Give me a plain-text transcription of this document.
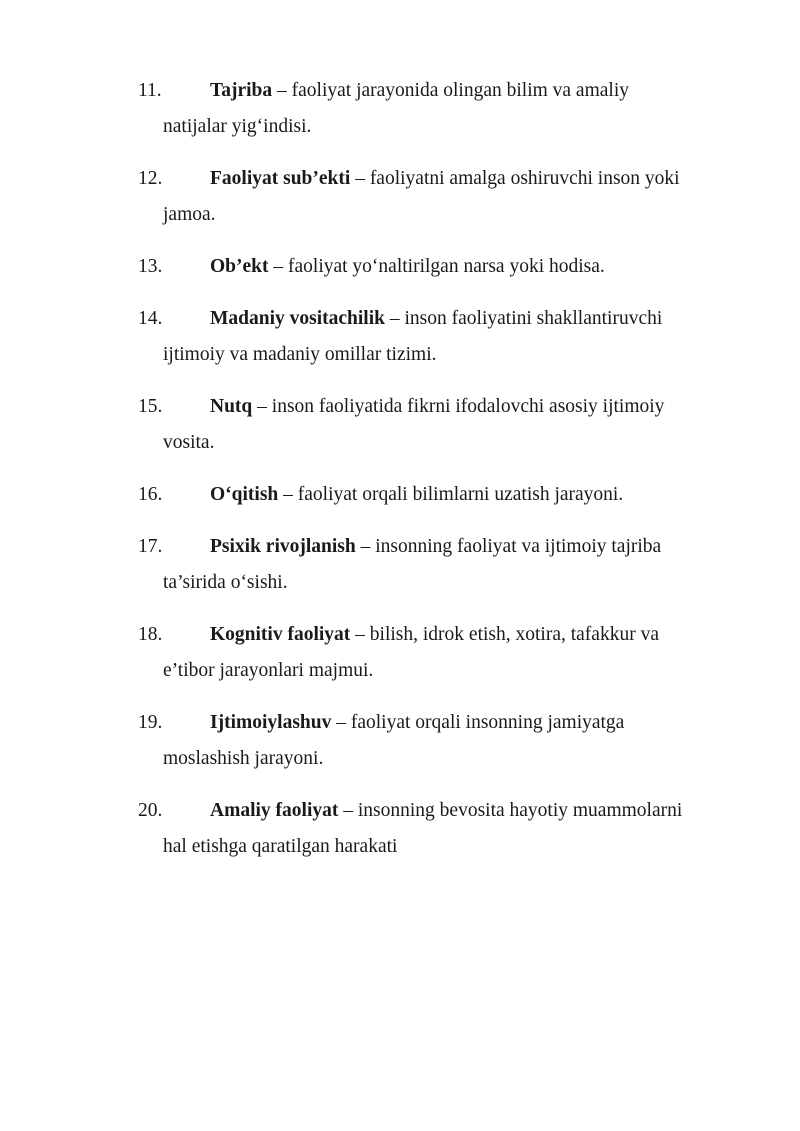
11. Tajriba – faoliyat jarayonida olingan bilim va amaliy
natijalar yig‘indisi.
12. Faoliyat sub’ekti – faoliyatni amalga oshiruvchi inson yoki
jamoa.
13. Ob’ekt – faoliyat yo‘naltirilgan narsa yoki hodisa.
14. Madaniy vositachilik – inson faoliyatini shakllantiruvchi
ijtimoiy va madaniy omillar tizimi.
15. Nutq – inson faoliyatida fikrni ifodalovchi asosiy ijtimoiy
vosita.
16. O‘qitish – faoliyat orqali bilimlarni uzatish jarayoni.
17. Psixik rivojlanish – insonning faoliyat va ijtimoiy tajriba
ta’sirida o‘sishi.
18. Kognitiv faoliyat – bilish, idrok etish, xotira, tafakkur va
e’tibor jarayonlari majmui.
19. Ijtimoiylashuv – faoliyat orqali insonning jamiyatga
moslashish jarayoni.
20. Amaliy faoliyat – insonning bevosita hayotiy muammolarni
hal etishga qaratilgan harakati
